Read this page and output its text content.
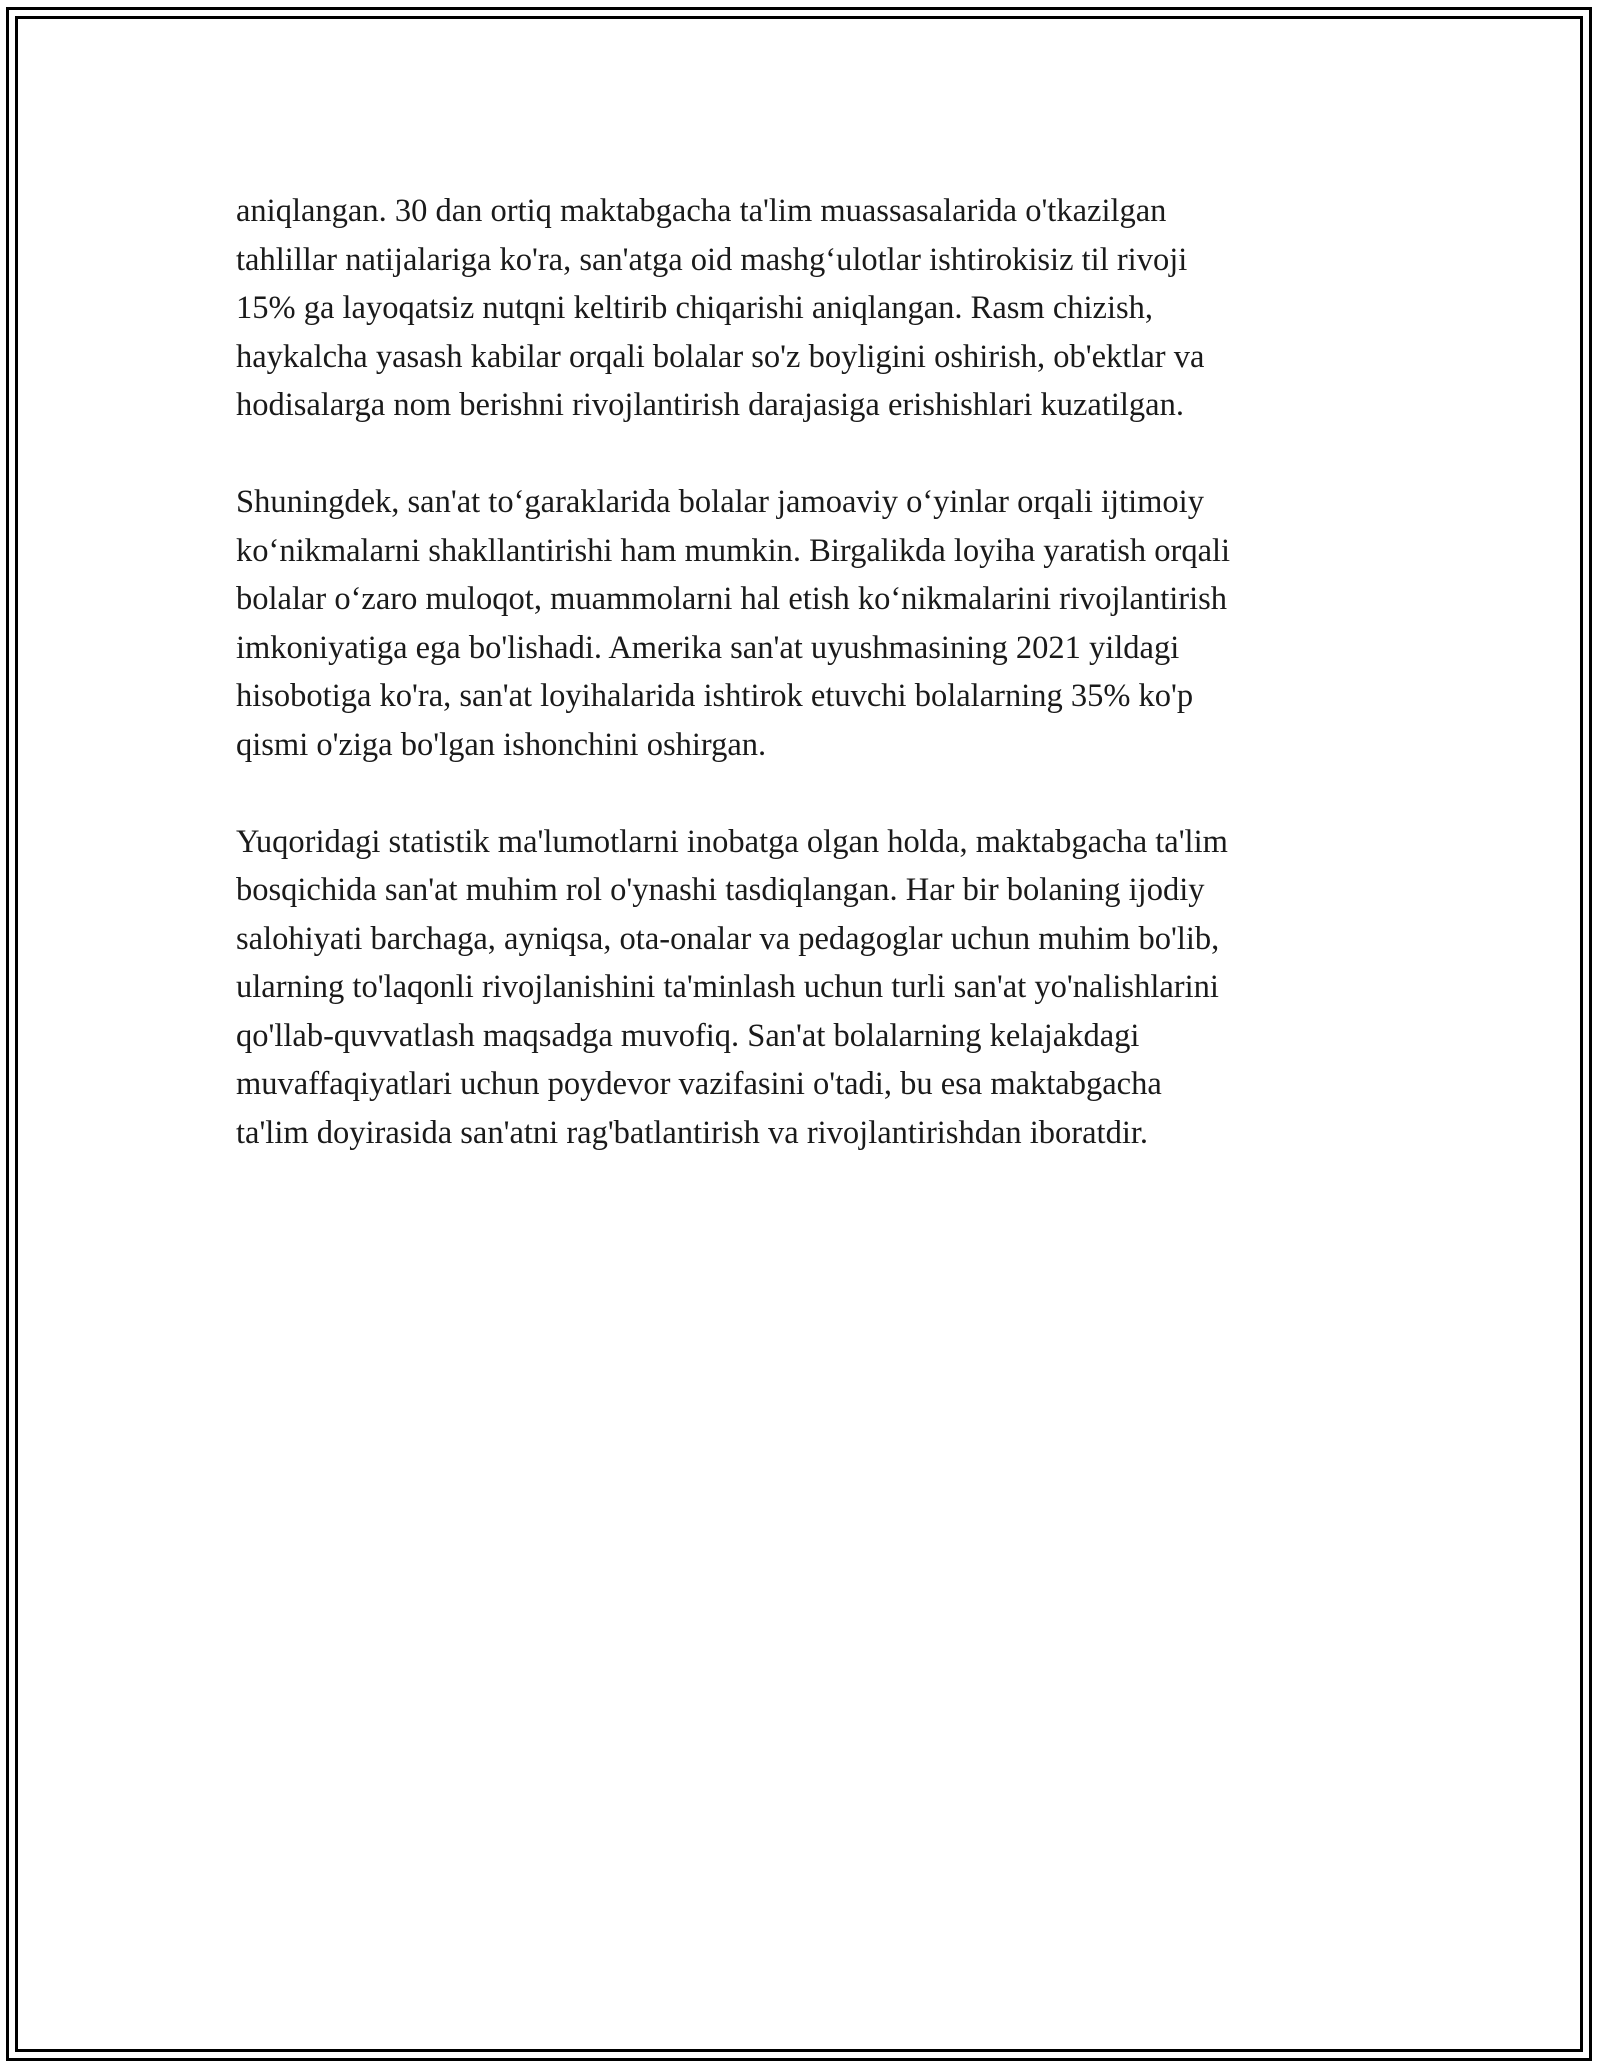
aniqlangan. 30 dan ortiq maktabgacha ta'lim muassasalarida o'tkazilgan
tahlillar natijalariga ko'ra, san'atga oid mashg‘ulotlar ishtirokisiz til rivoji
15% ga layoqatsiz nutqni keltirib chiqarishi aniqlangan. Rasm chizish,
haykalcha yasash kabilar orqali bolalar so'z boyligini oshirish, ob'ektlar va
hodisalarga nom berishni rivojlantirish darajasiga erishishlari kuzatilgan.

Shuningdek, san'at to‘garaklarida bolalar jamoaviy o‘yinlar orqali ijtimoiy
ko‘nikmalarni shakllantirishi ham mumkin. Birgalikda loyiha yaratish orqali
bolalar o‘zaro muloqot, muammolarni hal etish ko‘nikmalarini rivojlantirish
imkoniyatiga ega bo'lishadi. Amerika san'at uyushmasining 2021 yildagi
hisobotiga ko'ra, san'at loyihalarida ishtirok etuvchi bolalarning 35% ko'p
qismi o'ziga bo'lgan ishonchini oshirgan.

Yuqoridagi statistik ma'lumotlarni inobatga olgan holda, maktabgacha ta'lim
bosqichida san'at muhim rol o'ynashi tasdiqlangan. Har bir bolaning ijodiy
salohiyati barchaga, ayniqsa, ota-onalar va pedagoglar uchun muhim bo'lib,
ularning to'laqonli rivojlanishini ta'minlash uchun turli san'at yo'nalishlarini
qo'llab-quvvatlash maqsadga muvofiq. San'at bolalarning kelajakdagi
muvaffaqiyatlari uchun poydevor vazifasini o'tadi, bu esa maktabgacha
ta'lim doyirasida san'atni rag'batlantirish va rivojlantirishdan iboratdir.
